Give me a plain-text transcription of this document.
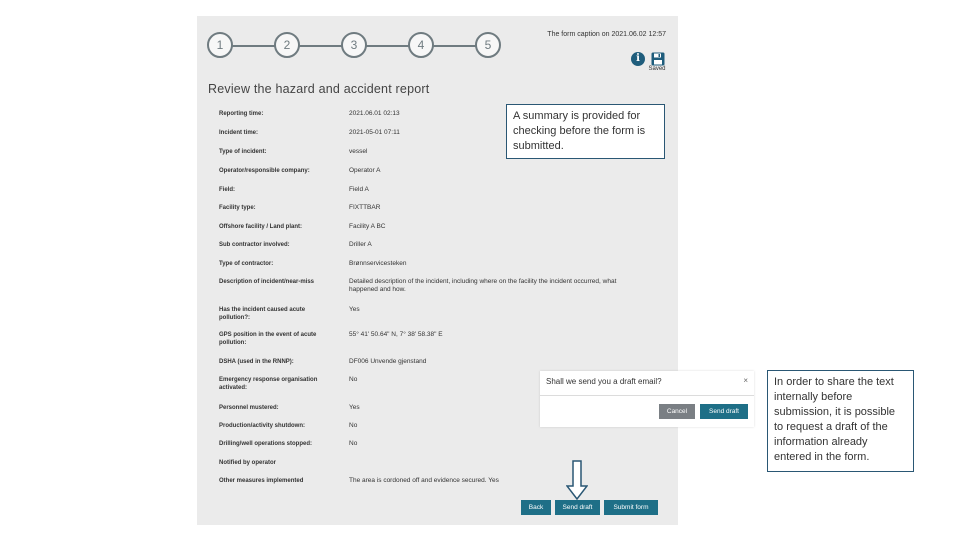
1	2	3	4	5
The form caption on 2021.06.02 12:57
i
Saved
Review the hazard and accident report
Reporting time:	2021.06.01 02:13
Incident time:	2021-05-01 07:11
Type of incident:	vessel
Operator/responsible company:	Operator A
Field:	Field A
Facility type:	FIXTTBAR
Offshore facility / Land plant:	Facility A BC
Sub contractor involved:	Driller A
Type of contractor:	Brønnservicesteken
Description of incident/near-miss	Detailed description of the incident, including where on the facility the incident occurred, what happened and how.
Has the incident caused acute pollution?:
Yes
GPS position in the event of acute pollution:
55° 41' 50.64" N, 7° 38' 58.38" E
DSHA (used in the RNNP):	DF006 Unvende gjenstand
Emergency response organisation activated:
No
Personnel mustered:	Yes
Production/activity shutdown:	No
Drilling/well operations stopped:	No
Notified by operator
Other measures implemented	The area is cordoned off and evidence secured. Yes
A summary is provided for checking before the form is submitted.
Shall we send you a draft email?	×
Cancel	Send draft
In order to share the text internally before submission, it is possible to request a draft of the information already entered in the form.
Back	Send draft	Submit form
